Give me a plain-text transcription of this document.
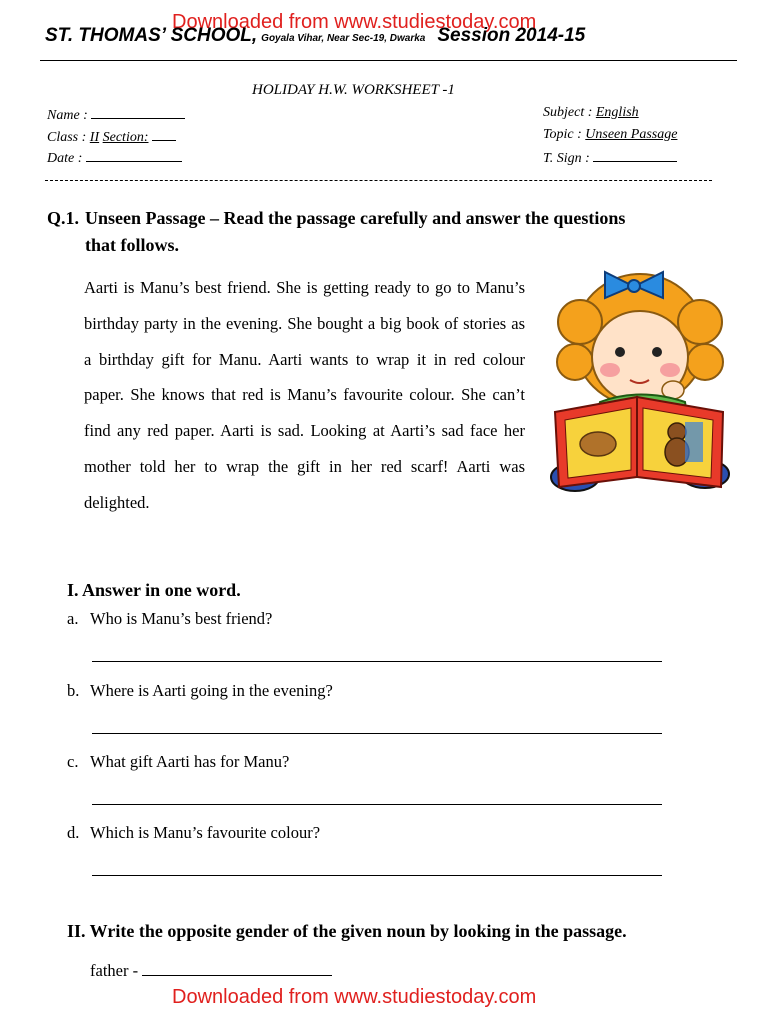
Downloaded from www.studiestoday.com
ST. THOMAS’ SCHOOL, Goyala Vihar, Near Sec-19, Dwarka Session 2014-15
HOLIDAY H.W. WORKSHEET -1
Name :
Class : II Section:
Date :
Subject : English
Topic : Unseen Passage
T. Sign :
Q.1. Unseen Passage – Read the passage carefully and answer the questions
that follows.
Aarti is Manu’s best friend. She is getting ready to go to Manu’s birthday party in the evening. She bought a big book of stories as a birthday gift for Manu. Aarti wants to wrap it in red colour paper. She knows that red is Manu’s favourite colour. She can’t find any red paper. Aarti is sad. Looking at Aarti’s sad face her mother told her to wrap the gift in her red scarf! Aarti was delighted.
I. Answer in one word.
a. Who is Manu’s best friend?
b. Where is Aarti going in the evening?
c. What gift Aarti has for Manu?
d. Which is Manu’s favourite colour?
II. Write the opposite gender of the given noun by looking in the passage.
father -
Downloaded from www.studiestoday.com
